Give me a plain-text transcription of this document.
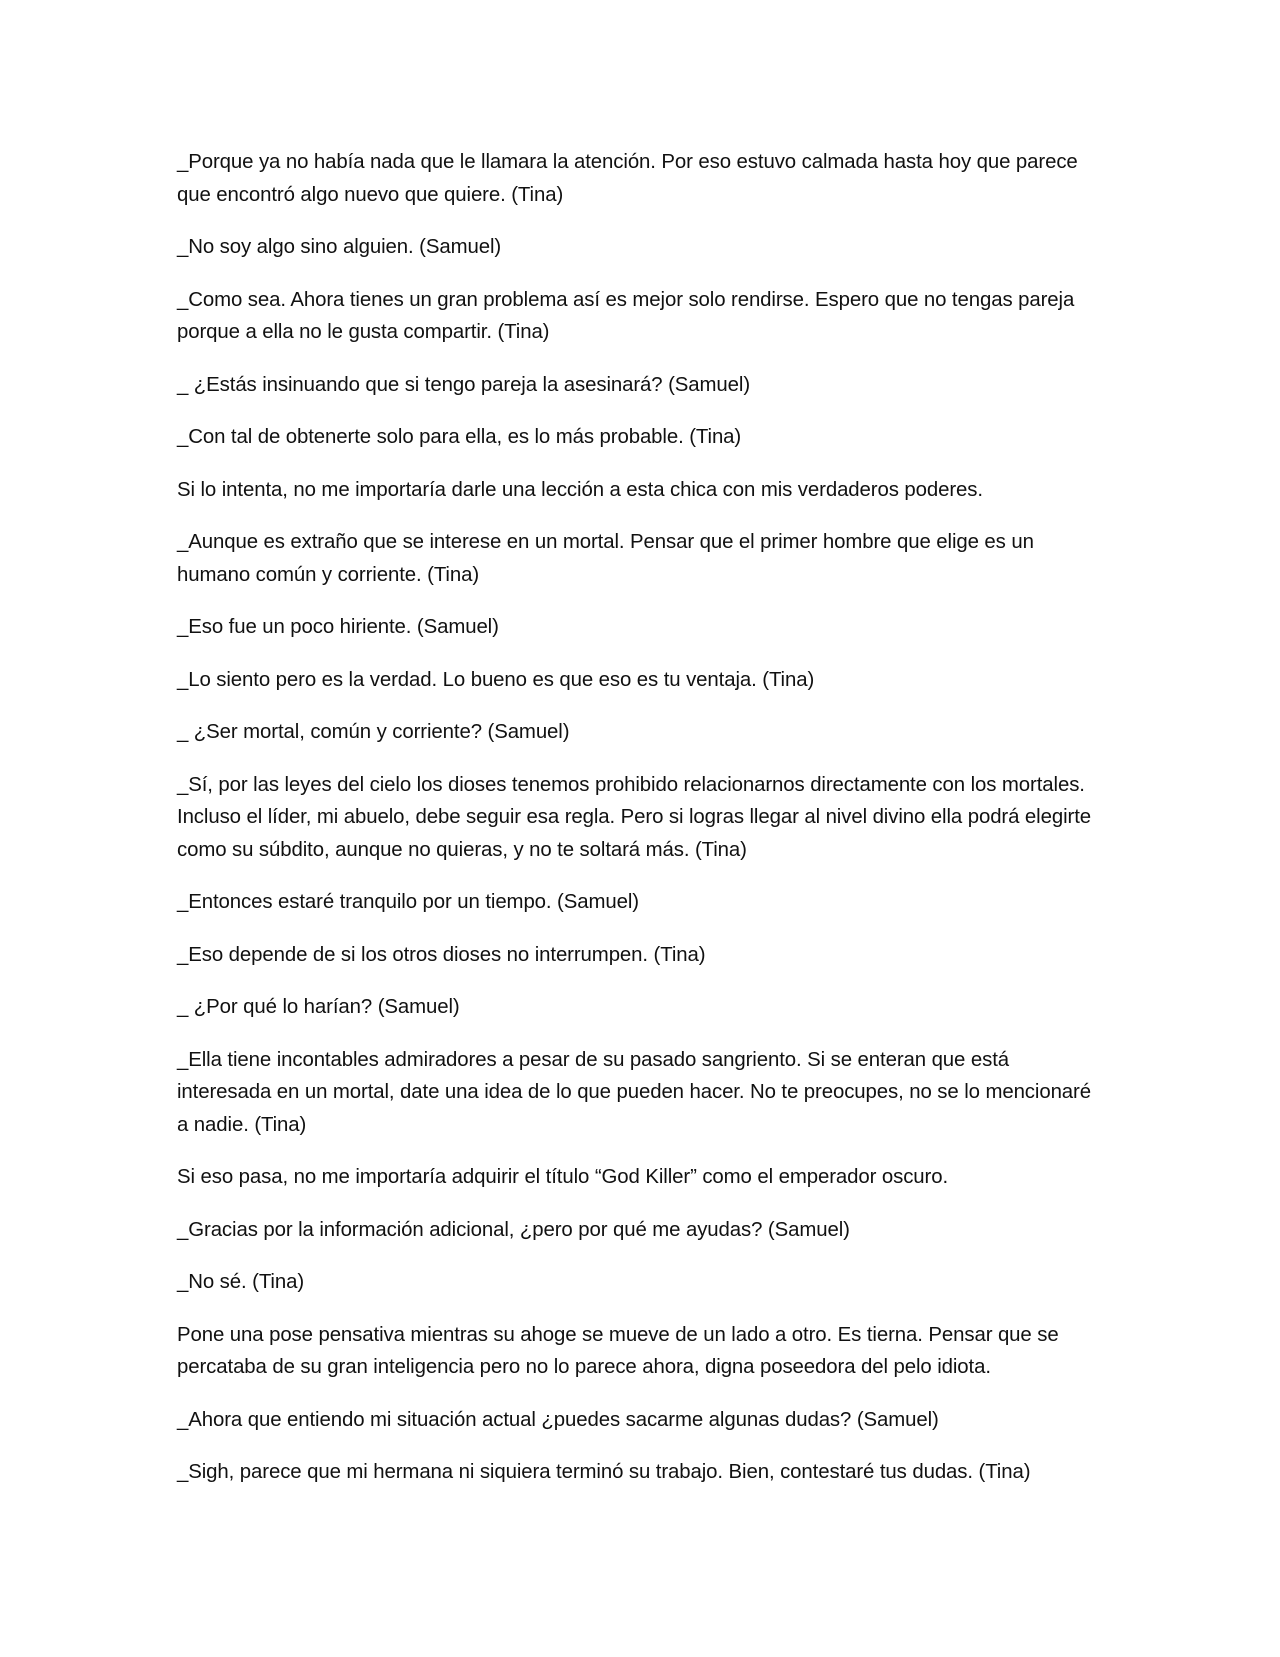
_Porque ya no había nada que le llamara la atención. Por eso estuvo calmada hasta hoy que parece que encontró algo nuevo que quiere. (Tina)

_No soy algo sino alguien. (Samuel)

_Como sea. Ahora tienes un gran problema así es mejor solo rendirse. Espero que no tengas pareja porque a ella no le gusta compartir. (Tina)

_ ¿Estás insinuando que si tengo pareja la asesinará? (Samuel)

_Con tal de obtenerte solo para ella, es lo más probable. (Tina)

Si lo intenta, no me importaría darle una lección a esta chica con mis verdaderos poderes.

_Aunque es extraño que se interese en un mortal. Pensar que el primer hombre que elige es un humano común y corriente. (Tina)

_Eso fue un poco hiriente. (Samuel)

_Lo siento pero es la verdad. Lo bueno es que eso es tu ventaja. (Tina)

_ ¿Ser mortal, común y corriente? (Samuel)

_Sí, por las leyes del cielo los dioses tenemos prohibido relacionarnos directamente con los mortales. Incluso el líder, mi abuelo, debe seguir esa regla. Pero si logras llegar al nivel divino ella podrá elegirte como su súbdito, aunque no quieras, y no te soltará más. (Tina)

_Entonces estaré tranquilo por un tiempo. (Samuel)

_Eso depende de si los otros dioses no interrumpen. (Tina)

_ ¿Por qué lo harían? (Samuel)

_Ella tiene incontables admiradores a pesar de su pasado sangriento. Si se enteran que está interesada en un mortal, date una idea de lo que pueden hacer. No te preocupes, no se lo mencionaré a nadie. (Tina)

Si eso pasa, no me importaría adquirir el título “God Killer” como el emperador oscuro.

_Gracias por la información adicional, ¿pero por qué me ayudas? (Samuel)

_No sé. (Tina)

Pone una pose pensativa mientras su ahoge se mueve de un lado a otro. Es tierna. Pensar que se percataba de su gran inteligencia pero no lo parece ahora, digna poseedora del pelo idiota.

_Ahora que entiendo mi situación actual ¿puedes sacarme algunas dudas? (Samuel)

_Sigh, parece que mi hermana ni siquiera terminó su trabajo. Bien, contestaré tus dudas. (Tina)
